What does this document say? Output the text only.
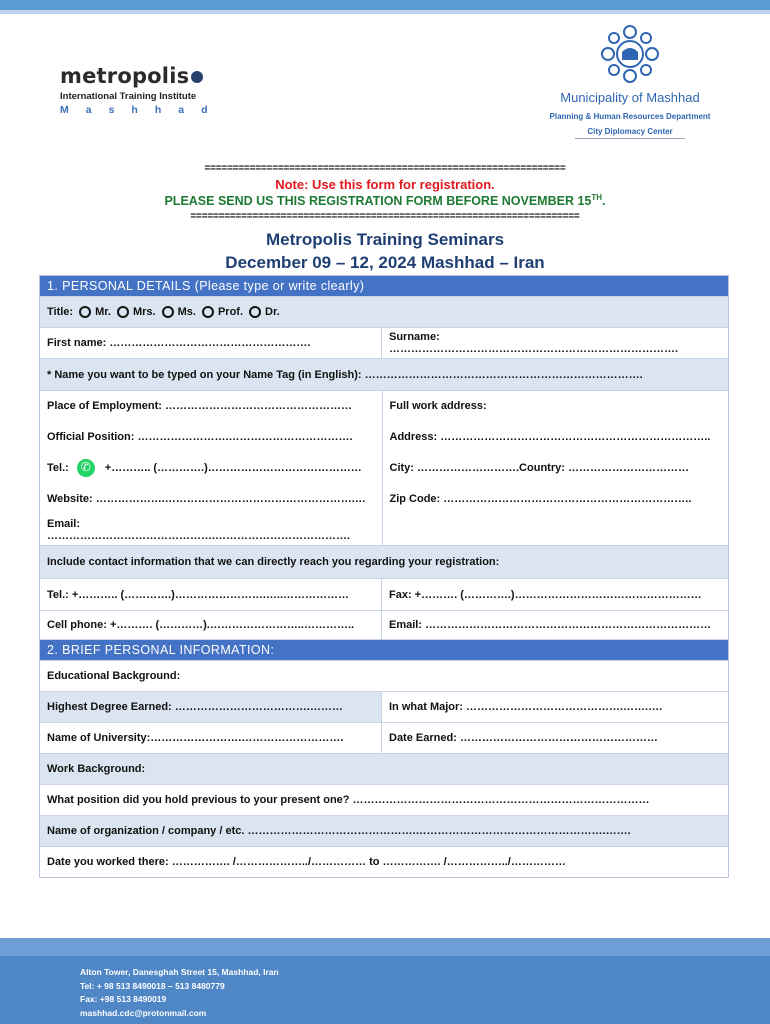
metropolis
International Training Institute
Mashhad
Municipality of Mashhad
Planning & Human Resources Department
City Diplomacy Center
================================================================
Note: Use this form for registration.
PLEASE SEND US THIS REGISTRATION FORM BEFORE NOVEMBER 15TH.
=====================================================================
Metropolis Training Seminars
December 09 – 12, 2024 Mashhad – Iran
1. PERSONAL DETAILS (Please type or write clearly)
Title: Mr. Mrs. Ms. Prof. Dr.
First name: ……………………………………………….	Surname: …………………………………………………………………….
* Name you want to be typed on your Name Tag (in English): ………………………………………………………………….
Place of Employment: ……………………………………………
Official Position: …………………….…………………………….
Tel.:
✆	+……….. (………….)……………………………………
Website: ……………….…………………………………………….…
Email: ……………………………………….……………………………….
Full work address:
Address: ………………………………………………………………..
City: ……………………….Country: ……………………………
Zip Code: …………………………………………………………..
Include contact information that we can directly reach you regarding your registration:
Tel.: +……….. (………….)…………………….…..………………	Fax: +………. (………….)……………………………………………
Cell phone: +………. (…………).……………………..…………..	Email: ……………………………………………………………………
2. BRIEF PERSONAL INFORMATION:
Educational Background:
Highest Degree Earned: ……………………………….………	In what Major: …………………………………….…….….
Name of University:…………………….……………………….	Date Earned: ………………………………………………
Work Background:
What position did you hold previous to your present one? ………………………………………………………………………
Name of organization / company / etc. ……………………………………….…………………………………………….…….
Date you worked there: ……………. /………………../…………… to ……………. /……………../……………
Alton Tower, Danesghah Street 15, Mashhad, Iran
Tel: + 98 513 8490018 – 513 8480779
Fax: +98 513 8490019
mashhad.cdc@protonmail.com
